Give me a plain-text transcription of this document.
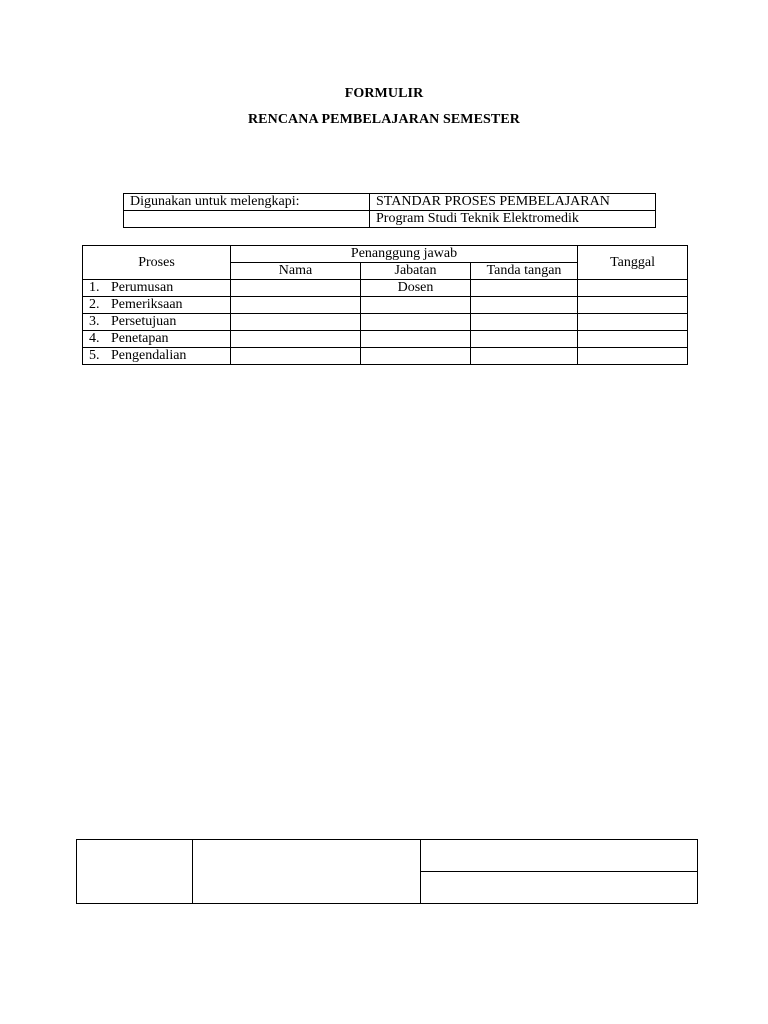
FORMULIR
RENCANA PEMBELAJARAN SEMESTER
Digunakan untuk melengkapi:	STANDAR PROSES PEMBELAJARAN
	Program Studi Teknik Elektromedik
Proses	Penanggung jawab			Tanggal
	Nama	Jabatan	Tanda tangan	
1. Perumusan		Dosen		
2. Pemeriksaan				
3. Persetujuan				
4. Penetapan				
5. Pengendalian				
